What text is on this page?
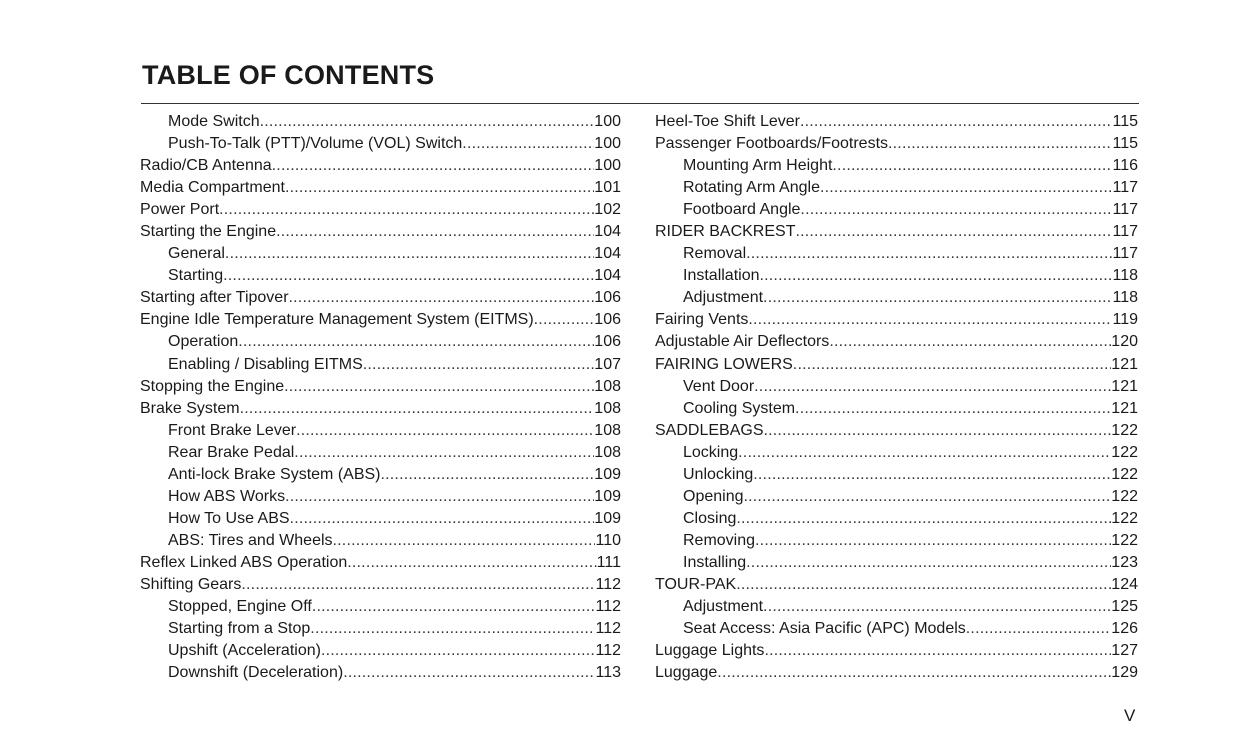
TABLE OF CONTENTS
Mode Switch .....	100
Push-To-Talk (PTT)/Volume (VOL) Switch .....	100
Radio/CB Antenna .....	100
Media Compartment .....	101
Power Port .....	102
Starting the Engine .....	104
General .....	104
Starting .....	104
Starting after Tipover .....	106
Engine Idle Temperature Management System (EITMS) .....	106
Operation .....	106
Enabling / Disabling EITMS .....	107
Stopping the Engine .....	108
Brake System .....	108
Front Brake Lever .....	108
Rear Brake Pedal .....	108
Anti-lock Brake System (ABS) .....	109
How ABS Works .....	109
How To Use ABS .....	109
ABS: Tires and Wheels .....	110
Reflex Linked ABS Operation .....	111
Shifting Gears .....	112
Stopped, Engine Off .....	112
Starting from a Stop .....	112
Upshift (Acceleration) .....	112
Downshift (Deceleration) .....	113
Heel-Toe Shift Lever .....	115
Passenger Footboards/Footrests .....	115
Mounting Arm Height .....	116
Rotating Arm Angle .....	117
Footboard Angle .....	117
RIDER BACKREST .....	117
Removal .....	117
Installation .....	118
Adjustment .....	118
Fairing Vents .....	119
Adjustable Air Deflectors .....	120
FAIRING LOWERS .....	121
Vent Door .....	121
Cooling System .....	121
SADDLEBAGS .....	122
Locking .....	122
Unlocking .....	122
Opening .....	122
Closing .....	122
Removing .....	122
Installing .....	123
TOUR-PAK .....	124
Adjustment .....	125
Seat Access: Asia Pacific (APC) Models .....	126
Luggage Lights .....	127
Luggage .....	129
V
